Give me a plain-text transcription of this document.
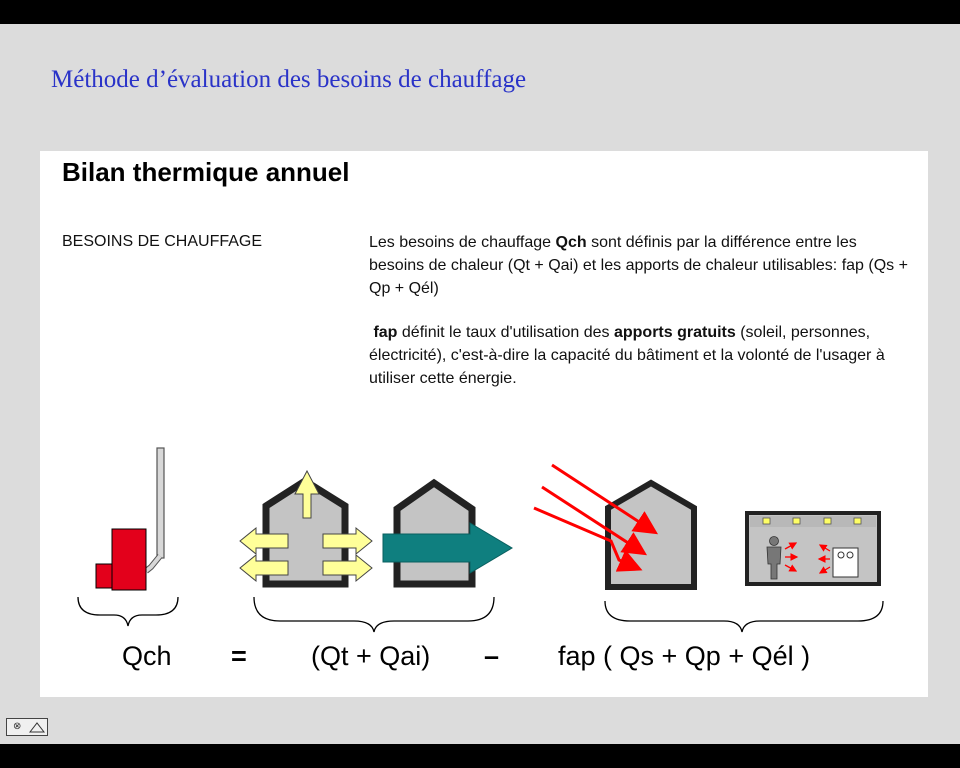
Méthode d’évaluation des besoins de chauffage
Bilan thermique annuel
BESOINS DE CHAUFFAGE	Les besoins de chauffage Qch sont définis par la différence entre les besoins de chaleur (Qt + Qai) et les apports de chaleur utilisables: fap (Qs + Qp + Qél)

fap définit le taux d'utilisation des apports gratuits (soleil, personnes, électricité), c'est-à-dire la capacité du bâtiment et la volonté de l'usager à utiliser cette énergie.

Qch = (Qt + Qai) – fap ( Qs + Qp + Qél )
⊗
